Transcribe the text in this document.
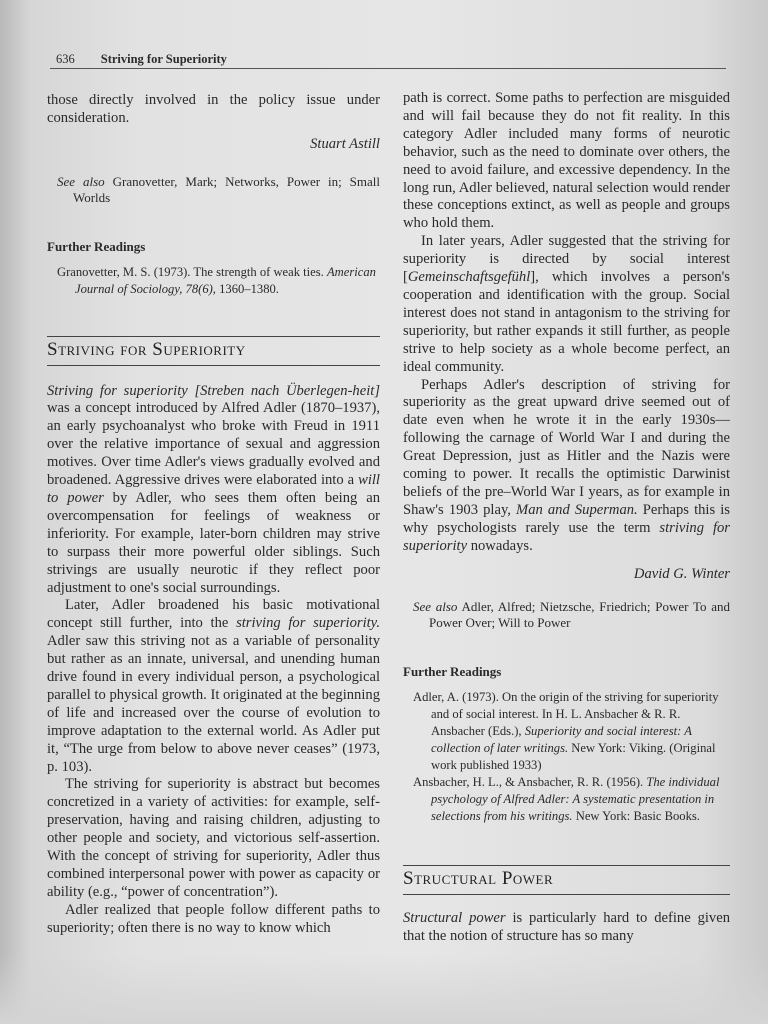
636 Striving for Superiority

those directly involved in the policy issue under consideration.

Stuart Astill

See also Granovetter, Mark; Networks, Power in; Small Worlds

Further Readings

Granovetter, M. S. (1973). The strength of weak ties. American Journal of Sociology, 78(6), 1360–1380.

Striving for Superiority

Striving for superiority [Streben nach Überlegen-heit] was a concept introduced by Alfred Adler (1870–1937), an early psychoanalyst who broke with Freud in 1911 over the relative importance of sexual and aggression motives. Over time Adler's views gradually evolved and broadened. Aggressive drives were elaborated into a will to power by Adler, who sees them often being an overcompensation for feelings of weakness or inferiority. For example, later-born children may strive to surpass their more powerful older siblings. Such strivings are usually neurotic if they reflect poor adjustment to one's social surroundings.

Later, Adler broadened his basic motivational concept still further, into the striving for superiority. Adler saw this striving not as a variable of personality but rather as an innate, universal, and unending human drive found in every individual person, a psychological parallel to physical growth. It originated at the beginning of life and increased over the course of evolution to improve adaptation to the external world. As Adler put it, “The urge from below to above never ceases” (1973, p. 103).

The striving for superiority is abstract but becomes concretized in a variety of activities: for example, self-preservation, having and raising children, adjusting to other people and society, and victorious self-assertion. With the concept of striving for superiority, Adler thus combined interpersonal power with power as capacity or ability (e.g., “power of concentration”).

Adler realized that people follow different paths to superiority; often there is no way to know which

path is correct. Some paths to perfection are misguided and will fail because they do not fit reality. In this category Adler included many forms of neurotic behavior, such as the need to dominate over others, the need to avoid failure, and excessive dependency. In the long run, Adler believed, natural selection would render these conceptions extinct, as well as people and groups who hold them.

In later years, Adler suggested that the striving for superiority is directed by social interest [Gemeinschaftsgefühl], which involves a person's cooperation and identification with the group. Social interest does not stand in antagonism to the striving for superiority, but rather expands it still further, as people strive to help society as a whole become perfect, an ideal community.

Perhaps Adler's description of striving for superiority as the great upward drive seemed out of date even when he wrote it in the early 1930s—following the carnage of World War I and during the Great Depression, just as Hitler and the Nazis were coming to power. It recalls the optimistic Darwinist beliefs of the pre–World War I years, as for example in Shaw's 1903 play, Man and Superman. Perhaps this is why psychologists rarely use the term striving for superiority nowadays.

David G. Winter

See also Adler, Alfred; Nietzsche, Friedrich; Power To and Power Over; Will to Power

Further Readings

Adler, A. (1973). On the origin of the striving for superiority and of social interest. In H. L. Ansbacher & R. R. Ansbacher (Eds.), Superiority and social interest: A collection of later writings. New York: Viking. (Original work published 1933)

Ansbacher, H. L., & Ansbacher, R. R. (1956). The individual psychology of Alfred Adler: A systematic presentation in selections from his writings. New York: Basic Books.

Structural Power

Structural power is particularly hard to define given that the notion of structure has so many
